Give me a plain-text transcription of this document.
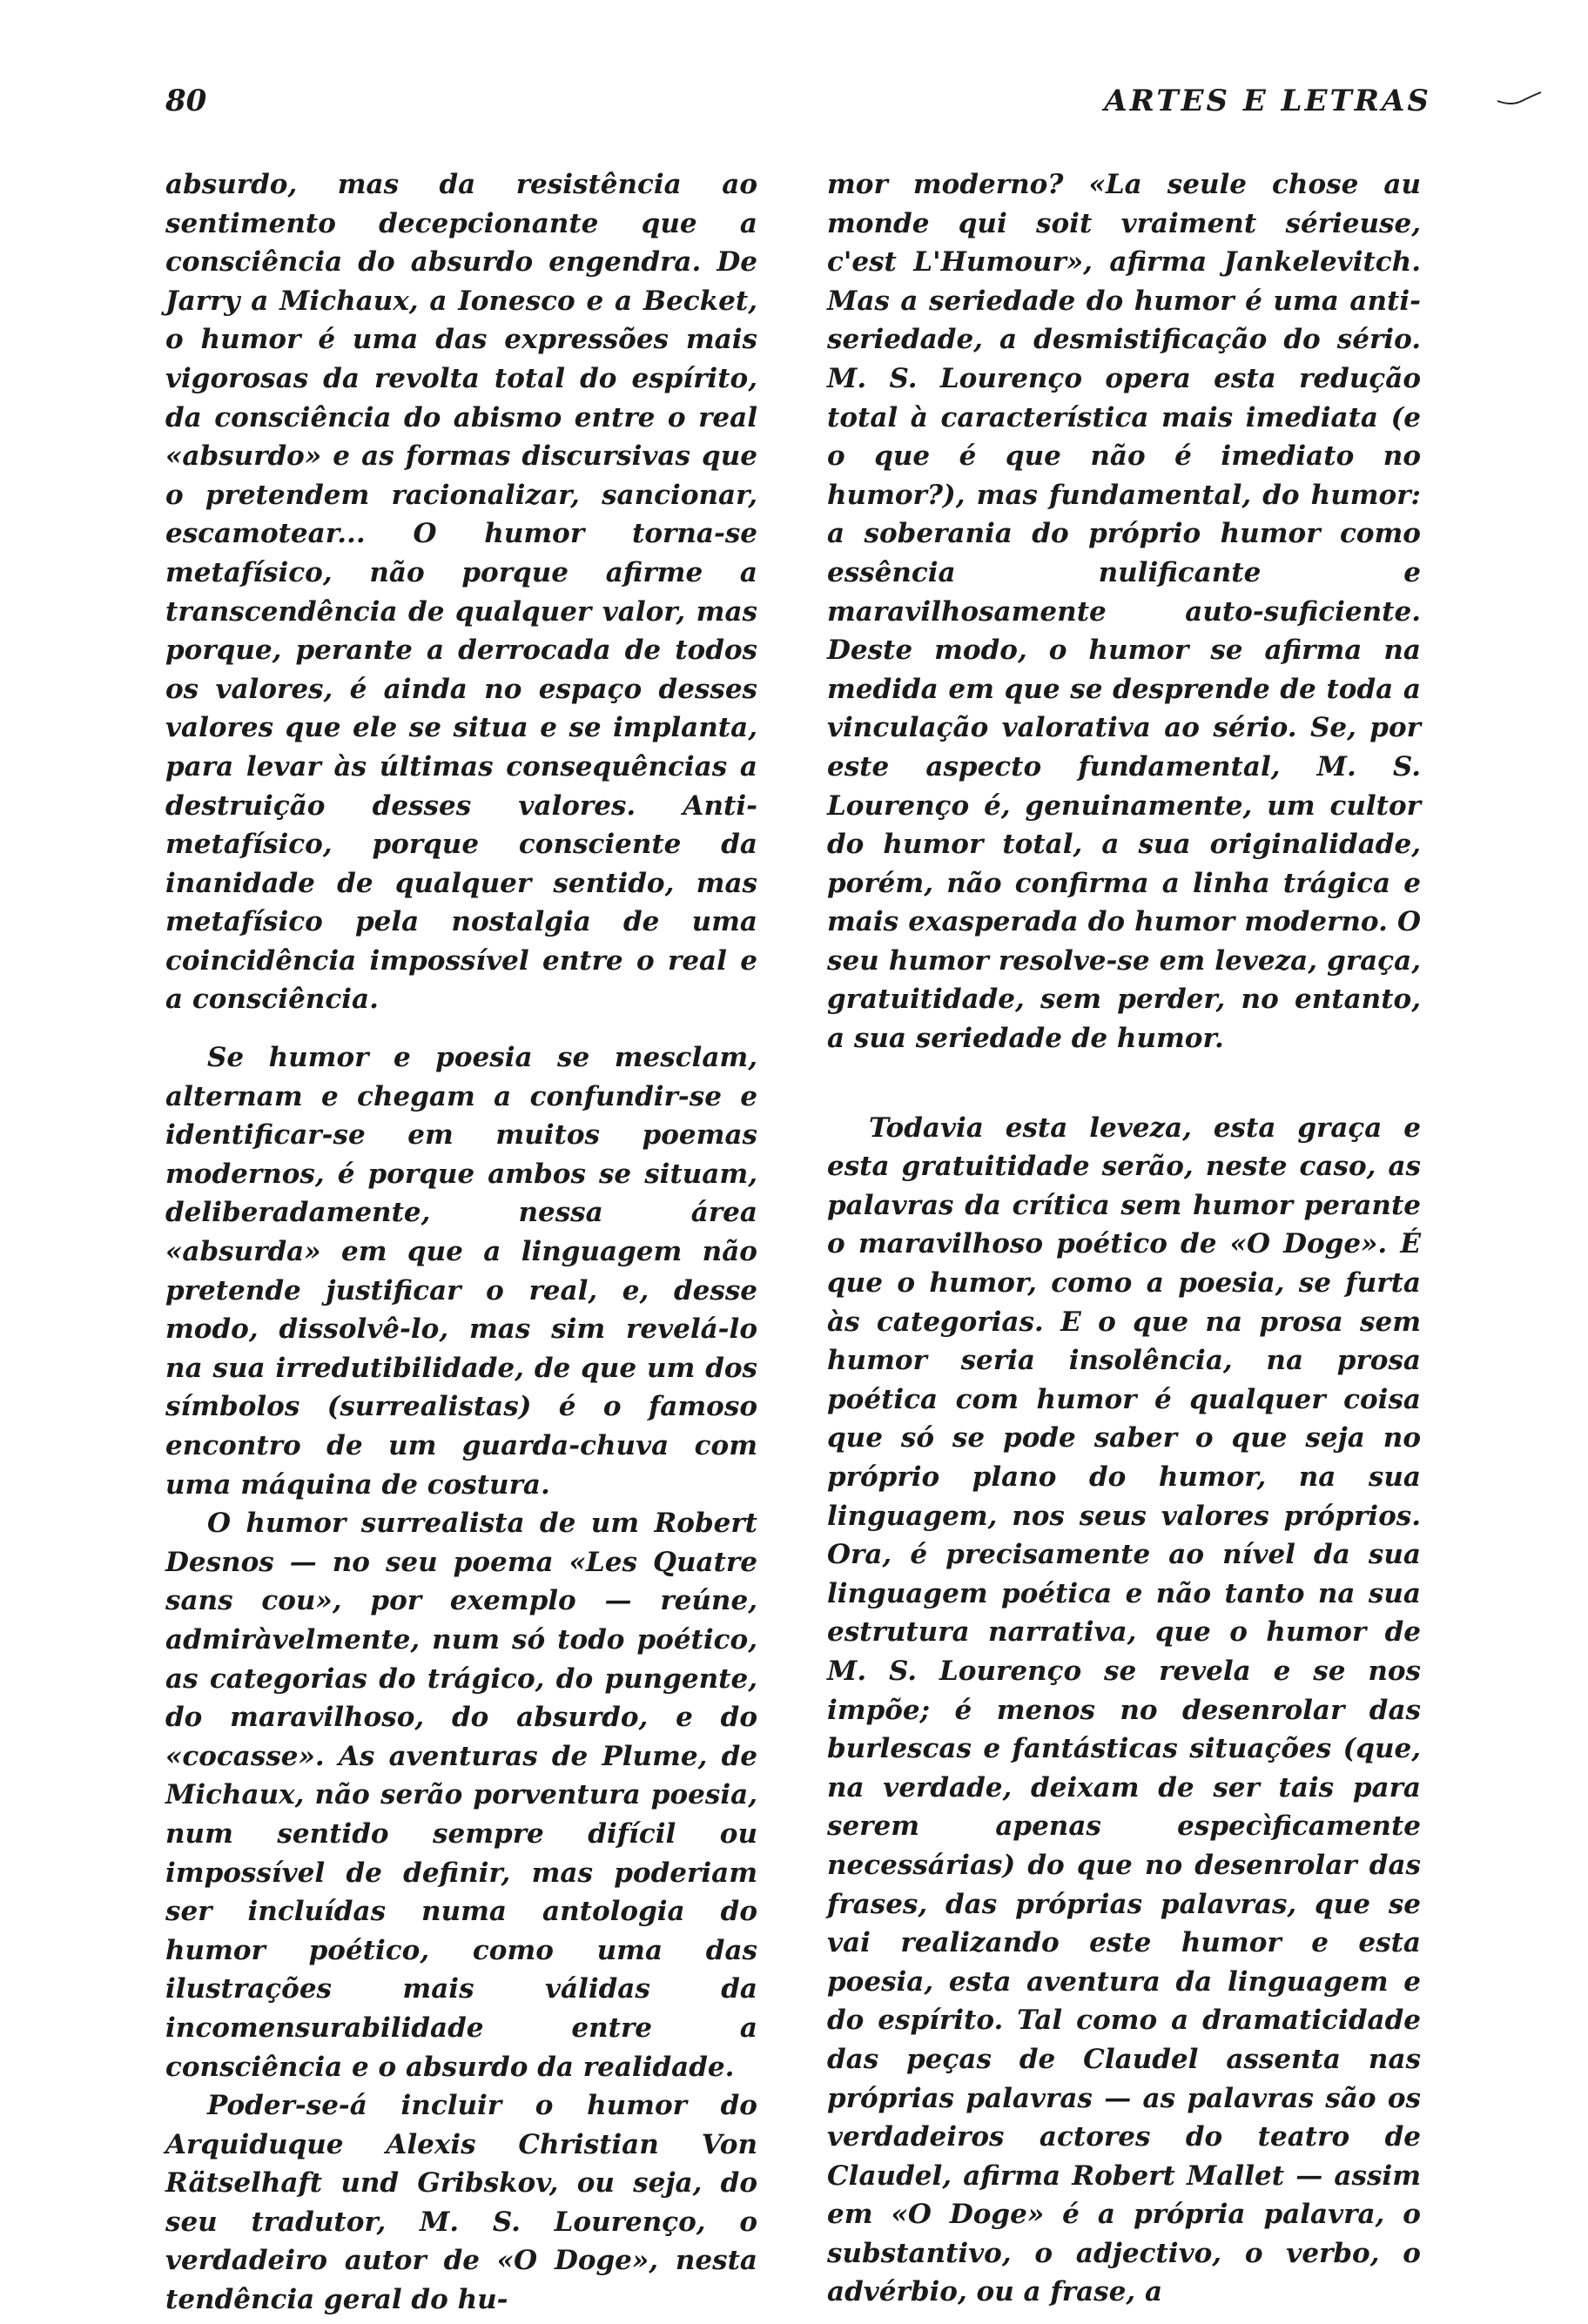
80	ARTES E LETRAS

absurdo, mas da resistência ao sentimento decepcionante que a consciência do absurdo engendra. De Jarry a Michaux, a Ionesco e a Becket, o humor é uma das expressões mais vigorosas da revolta total do espírito, da consciência do abismo entre o real «absurdo» e as formas discursivas que o pretendem racionalizar, sancionar, escamotear... O humor torna-se metafísico, não porque afirme a transcendência de qualquer valor, mas porque, perante a derrocada de todos os valores, é ainda no espaço desses valores que ele se situa e se implanta, para levar às últimas consequências a destruição desses valores. Anti-metafísico, porque consciente da inanidade de qualquer sentido, mas metafísico pela nostalgia de uma coincidência impossível entre o real e a consciência.

Se humor e poesia se mesclam, alternam e chegam a confundir-se e identificar-se em muitos poemas modernos, é porque ambos se situam, deliberadamente, nessa área «absurda» em que a linguagem não pretende justificar o real, e, desse modo, dissolvê-lo, mas sim revelá-lo na sua irredutibilidade, de que um dos símbolos (surrealistas) é o famoso encontro de um guarda-chuva com uma máquina de costura.

O humor surrealista de um Robert Desnos — no seu poema «Les Quatre sans cou», por exemplo — reúne, admiràvelmente, num só todo poético, as categorias do trágico, do pungente, do maravilhoso, do absurdo, e do «cocasse». As aventuras de Plume, de Michaux, não serão porventura poesia, num sentido sempre difícil ou impossível de definir, mas poderiam ser incluídas numa antologia do humor poético, como uma das ilustrações mais válidas da incomensurabilidade entre a consciência e o absurdo da realidade.

Poder-se-á incluir o humor do Arquiduque Alexis Christian Von Rätselhaft und Gribskov, ou seja, do seu tradutor, M. S. Lourenço, o verdadeiro autor de «O Doge», nesta tendência geral do hu-

mor moderno? «La seule chose au monde qui soit vraiment sérieuse, c'est L'Humour», afirma Jankelevitch. Mas a seriedade do humor é uma anti-seriedade, a desmistificação do sério. M. S. Lourenço opera esta redução total à característica mais imediata (e o que é que não é imediato no humor?), mas fundamental, do humor: a soberania do próprio humor como essência nulificante e maravilhosamente auto-suficiente. Deste modo, o humor se afirma na medida em que se desprende de toda a vinculação valorativa ao sério. Se, por este aspecto fundamental, M. S. Lourenço é, genuinamente, um cultor do humor total, a sua originalidade, porém, não confirma a linha trágica e mais exasperada do humor moderno. O seu humor resolve-se em leveza, graça, gratuitidade, sem perder, no entanto, a sua seriedade de humor.

Todavia esta leveza, esta graça e esta gratuitidade serão, neste caso, as palavras da crítica sem humor perante o maravilhoso poético de «O Doge». É que o humor, como a poesia, se furta às categorias. E o que na prosa sem humor seria insolência, na prosa poética com humor é qualquer coisa que só se pode saber o que seja no próprio plano do humor, na sua linguagem, nos seus valores próprios. Ora, é precisamente ao nível da sua linguagem poética e não tanto na sua estrutura narrativa, que o humor de M. S. Lourenço se revela e se nos impõe; é menos no desenrolar das burlescas e fantásticas situações (que, na verdade, deixam de ser tais para serem apenas especìficamente necessárias) do que no desenrolar das frases, das próprias palavras, que se vai realizando este humor e esta poesia, esta aventura da linguagem e do espírito. Tal como a dramaticidade das peças de Claudel assenta nas próprias palavras — as palavras são os verdadeiros actores do teatro de Claudel, afirma Robert Mallet — assim em «O Doge» é a própria palavra, o substantivo, o adjectivo, o verbo, o advérbio, ou a frase, a
